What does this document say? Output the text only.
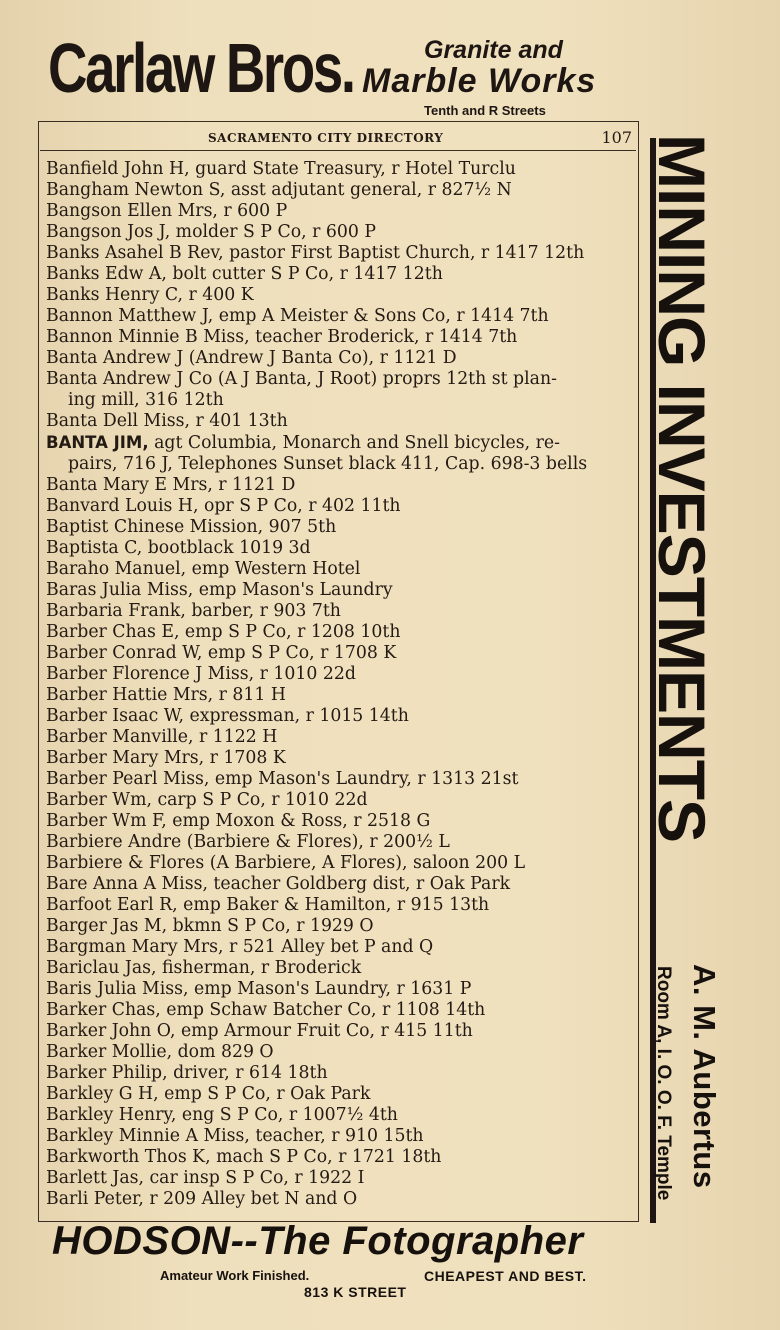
Carlaw Bros.	Granite and
Marble Works
Tenth and R Streets
SACRAMENTO CITY DIRECTORY	107
Banfield John H, guard State Treasury, r Hotel Turclu
Bangham Newton S, asst adjutant general, r 827½ N
Bangson Ellen Mrs, r 600 P
Bangson Jos J, molder S P Co, r 600 P
Banks Asahel B Rev, pastor First Baptist Church, r 1417 12th
Banks Edw A, bolt cutter S P Co, r 1417 12th
Banks Henry C, r 400 K
Bannon Matthew J, emp A Meister & Sons Co, r 1414 7th
Bannon Minnie B Miss, teacher Broderick, r 1414 7th
Banta Andrew J (Andrew J Banta Co), r 1121 D
Banta Andrew J Co (A J Banta, J Root) proprs 12th st plan-
ing mill, 316 12th
Banta Dell Miss, r 401 13th
BANTA JIM, agt Columbia, Monarch and Snell bicycles, re-
pairs, 716 J, Telephones Sunset black 411, Cap. 698-3 bells
Banta Mary E Mrs, r 1121 D
Banvard Louis H, opr S P Co, r 402 11th
Baptist Chinese Mission, 907 5th
Baptista C, bootblack 1019 3d
Baraho Manuel, emp Western Hotel
Baras Julia Miss, emp Mason's Laundry
Barbaria Frank, barber, r 903 7th
Barber Chas E, emp S P Co, r 1208 10th
Barber Conrad W, emp S P Co, r 1708 K
Barber Florence J Miss, r 1010 22d
Barber Hattie Mrs, r 811 H
Barber Isaac W, expressman, r 1015 14th
Barber Manville, r 1122 H
Barber Mary Mrs, r 1708 K
Barber Pearl Miss, emp Mason's Laundry, r 1313 21st
Barber Wm, carp S P Co, r 1010 22d
Barber Wm F, emp Moxon & Ross, r 2518 G
Barbiere Andre (Barbiere & Flores), r 200½ L
Barbiere & Flores (A Barbiere, A Flores), saloon 200 L
Bare Anna A Miss, teacher Goldberg dist, r Oak Park
Barfoot Earl R, emp Baker & Hamilton, r 915 13th
Barger Jas M, bkmn S P Co, r 1929 O
Bargman Mary Mrs, r 521 Alley bet P and Q
Bariclau Jas, fisherman, r Broderick
Baris Julia Miss, emp Mason's Laundry, r 1631 P
Barker Chas, emp Schaw Batcher Co, r 1108 14th
Barker John O, emp Armour Fruit Co, r 415 11th
Barker Mollie, dom 829 O
Barker Philip, driver, r 614 18th
Barkley G H, emp S P Co, r Oak Park
Barkley Henry, eng S P Co, r 1007½ 4th
Barkley Minnie A Miss, teacher, r 910 15th
Barkworth Thos K, mach S P Co, r 1721 18th
Barlett Jas, car insp S P Co, r 1922 I
Barli Peter, r 209 Alley bet N and O
MINING INVESTMENTS
Room A, I. O. O. F. Temple A. M. Aubertus
HODSON--The Fotographer
Amateur Work Finished.	CHEAPEST AND BEST.
813 K STREET
